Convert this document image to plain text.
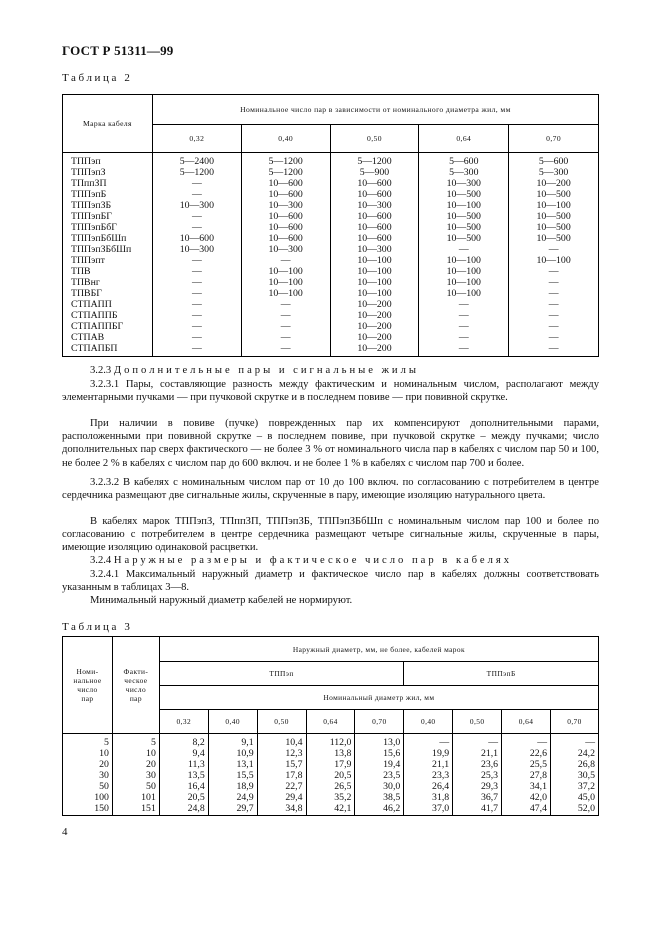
ГОСТ Р 51311—99
Таблица 2
Марка кабеля	Номинальное число пар в зависимости от номинального диаметра жил, мм				
	0,32	0,40	0,50	0,64	0,70
ТППэп	5—2400	5—1200	5—1200	5—600	5—600
ТППэпЗ	5—1200	5—1200	5—900	5—300	5—300
ТПппЗП	—	10—600	10—600	10—300	10—200
ТППэпБ	—	10—600	10—600	10—500	10—500
ТППэпЗБ	10—300	10—300	10—300	10—100	10—100
ТППэпБГ	—	10—600	10—600	10—500	10—500
ТППэпБбГ	—	10—600	10—600	10—500	10—500
ТППэпБбШп	10—600	10—600	10—600	10—500	10—500
ТППэпЗБбШп	10—300	10—300	10—300	—	—
ТППэпт	—	—	10—100	10—100	10—100
ТПВ	—	10—100	10—100	10—100	—
ТПВнг	—	10—100	10—100	10—100	—
ТПВБГ	—	10—100	10—100	10—100	—
СТПАПП	—	—	10—200	—	—
СТПАППБ	—	—	10—200	—	—
СТПАППБГ	—	—	10—200	—	—
СТПАВ	—	—	10—200	—	—
СТПАПБП	—	—	10—200	—	—

3.2.3 Дополнительные пары и сигнальные жилы

3.2.3.1 Пары, составляющие разность между фактическим и номинальным числом, располагают между элементарными пучками — при пучковой скрутке и в последнем повиве — при повивной скрутке.

При наличии в повиве (пучке) поврежденных пар их компенсируют дополнительными парами, расположенными при повивной скрутке – в последнем повиве, при пучковой скрутке – между пучками; число дополнительных пар сверх фактического — не более 3 % от номинального числа пар в кабелях с числом пар 50 и 100, не более 2 % в кабелях с числом пар до 600 включ. и не более 1 % в кабелях с числом пар 700 и более.

3.2.3.2 В кабелях с номинальным числом пар от 10 до 100 включ. по согласованию с потребителем в центре сердечника размещают две сигнальные жилы, скрученные в пару, имеющие изоляцию натурального цвета.

В кабелях марок ТППэпЗ, ТПппЗП, ТППэпЗБ, ТППэпЗБбШп с номинальным числом пар 100 и более по согласованию с потребителем в центре сердечника размещают четыре сигнальные жилы, скрученные в пары, имеющие изоляцию одинаковой расцветки.

3.2.4 Наружные размеры и фактическое число пар в кабелях

3.2.4.1 Максимальный наружный диаметр и фактическое число пар в кабелях должны соответствовать указанным в таблицах 3—8.

Минимальный наружный диаметр кабелей не нормируют.

Таблица 3
Номи-
нальное
число
пар	Факти-
ческое
число
пар	Наружный диаметр, мм, не более, кабелей марок								
		ТППэп					ТППэпБ			
		Номинальный диаметр жил, мм								
		0,32	0,40	0,50	0,64	0,70	0,40	0,50	0,64	0,70
5	5	8,2	9,1	10,4	112,0	13,0	—	—	—	—
10	10	9,4	10,9	12,3	13,8	15,6	19,9	21,1	22,6	24,2
20	20	11,3	13,1	15,7	17,9	19,4	21,1	23,6	25,5	26,8
30	30	13,5	15,5	17,8	20,5	23,5	23,3	25,3	27,8	30,5
50	50	16,4	18,9	22,7	26,5	30,0	26,4	29,3	34,1	37,2
100	101	20,5	24,9	29,4	35,2	38,5	31,8	36,7	42,0	45,0
150	151	24,8	29,7	34,8	42,1	46,2	37,0	41,7	47,4	52,0
4
